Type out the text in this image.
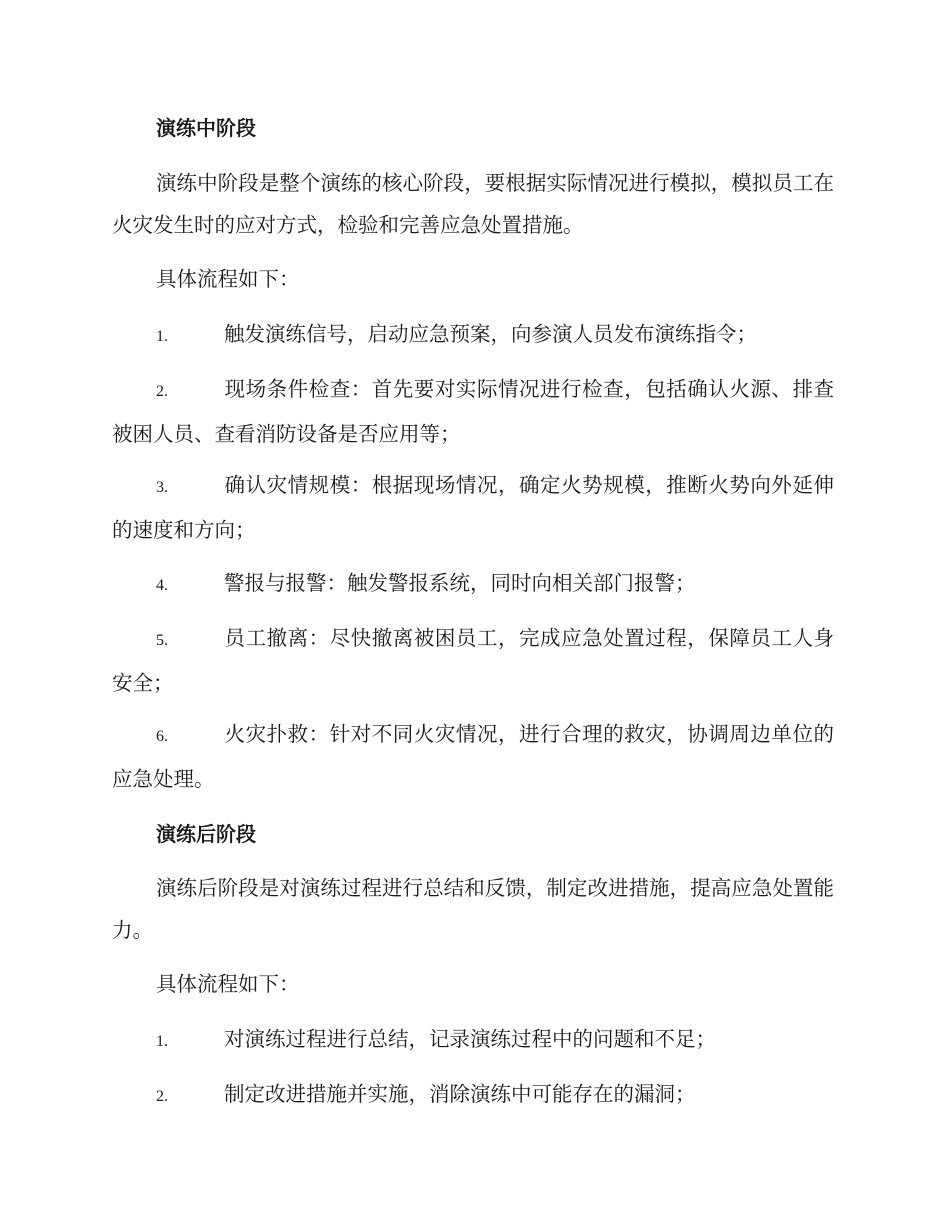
演练中阶段
演练中阶段是整个演练的核心阶段，要根据实际情况进行模拟，模拟员工在火灾发生时的应对方式，检验和完善应急处置措施。
具体流程如下：
1.	触发演练信号，启动应急预案，向参演人员发布演练指令；
2.	现场条件检查：首先要对实际情况进行检查，包括确认火源、排查被困人员、查看消防设备是否应用等；
3.	确认灾情规模：根据现场情况，确定火势规模，推断火势向外延伸的速度和方向；
4.	警报与报警：触发警报系统，同时向相关部门报警；
5.	员工撤离：尽快撤离被困员工，完成应急处置过程，保障员工人身安全；
6.	火灾扑救：针对不同火灾情况，进行合理的救灾，协调周边单位的应急处理。
演练后阶段
演练后阶段是对演练过程进行总结和反馈，制定改进措施，提高应急处置能力。
具体流程如下：
1.	对演练过程进行总结，记录演练过程中的问题和不足；
2.	制定改进措施并实施，消除演练中可能存在的漏洞；
